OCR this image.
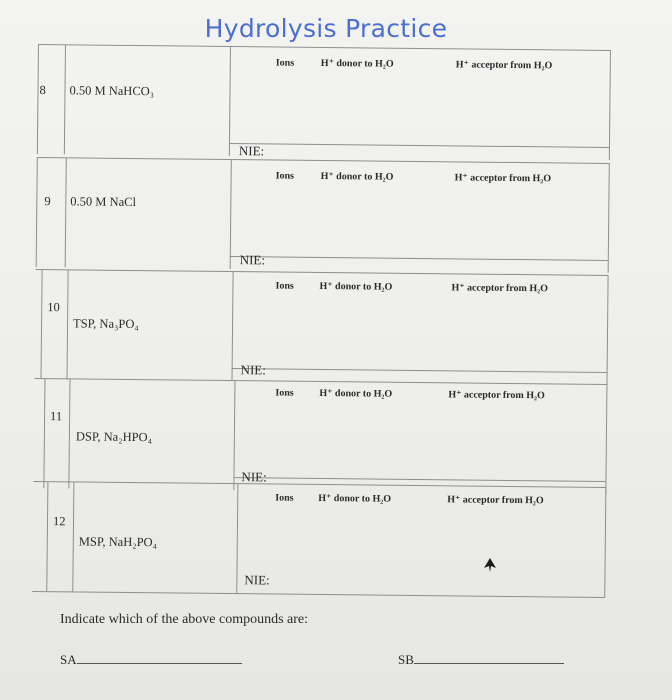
Hydrolysis Practice
8 0.50 M NaHCO₃
Ions	H⁺ donor to H₂O	H⁺ acceptor from H₂O
NIE:
9 0.50 M NaCl
Ions	H⁺ donor to H₂O	H⁺ acceptor from H₂O
NIE:
10
TSP, Na₃PO₄
Ions	H⁺ donor to H₂O	H⁺ acceptor from H₂O
NIE:
11
DSP, Na₂HPO₄
Ions	H⁺ donor to H₂O	H⁺ acceptor from H₂O
NIE:
12
MSP, NaH₂PO₄
Ions H⁺ donor to H₂O	H⁺ acceptor from H₂O
NIE:
Indicate which of the above compounds are:
SA	SB
